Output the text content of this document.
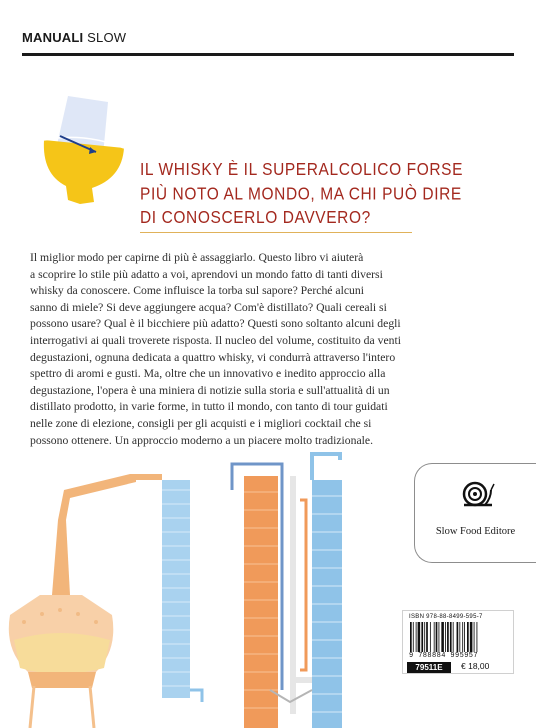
MANUALI SLOW
IL WHISKY È IL SUPERALCOLICO FORSE
PIÙ NOTO AL MONDO, MA CHI PUÒ DIRE
DI CONOSCERLO DAVVERO?
Il miglior modo per capirne di più è assaggiarlo. Questo libro vi aiuterà
a scoprire lo stile più adatto a voi, aprendovi un mondo fatto di tanti diversi
whisky da conoscere. Come influisce la torba sul sapore? Perché alcuni
sanno di miele? Si deve aggiungere acqua? Com'è distillato? Quali cereali si
possono usare? Qual è il bicchiere più adatto? Questi sono soltanto alcuni degli
interrogativi ai quali troverete risposta. Il nucleo del volume, costituito da venti
degustazioni, ognuna dedicata a quattro whisky, vi condurrà attraverso l'intero
spettro di aromi e gusti. Ma, oltre che un innovativo e inedito approccio alla
degustazione, l'opera è una miniera di notizie sulla storia e sull'attualità di un
distillato prodotto, in varie forme, in tutto il mondo, con tanto di tour guidati
nelle zone di elezione, consigli per gli acquisti e i migliori cocktail che si
possono ottenere. Un approccio moderno a un piacere molto tradizionale.
Slow Food Editore
ISBN 978-88-8499-595-7
9 788884 995957
79511E	€ 18,00
